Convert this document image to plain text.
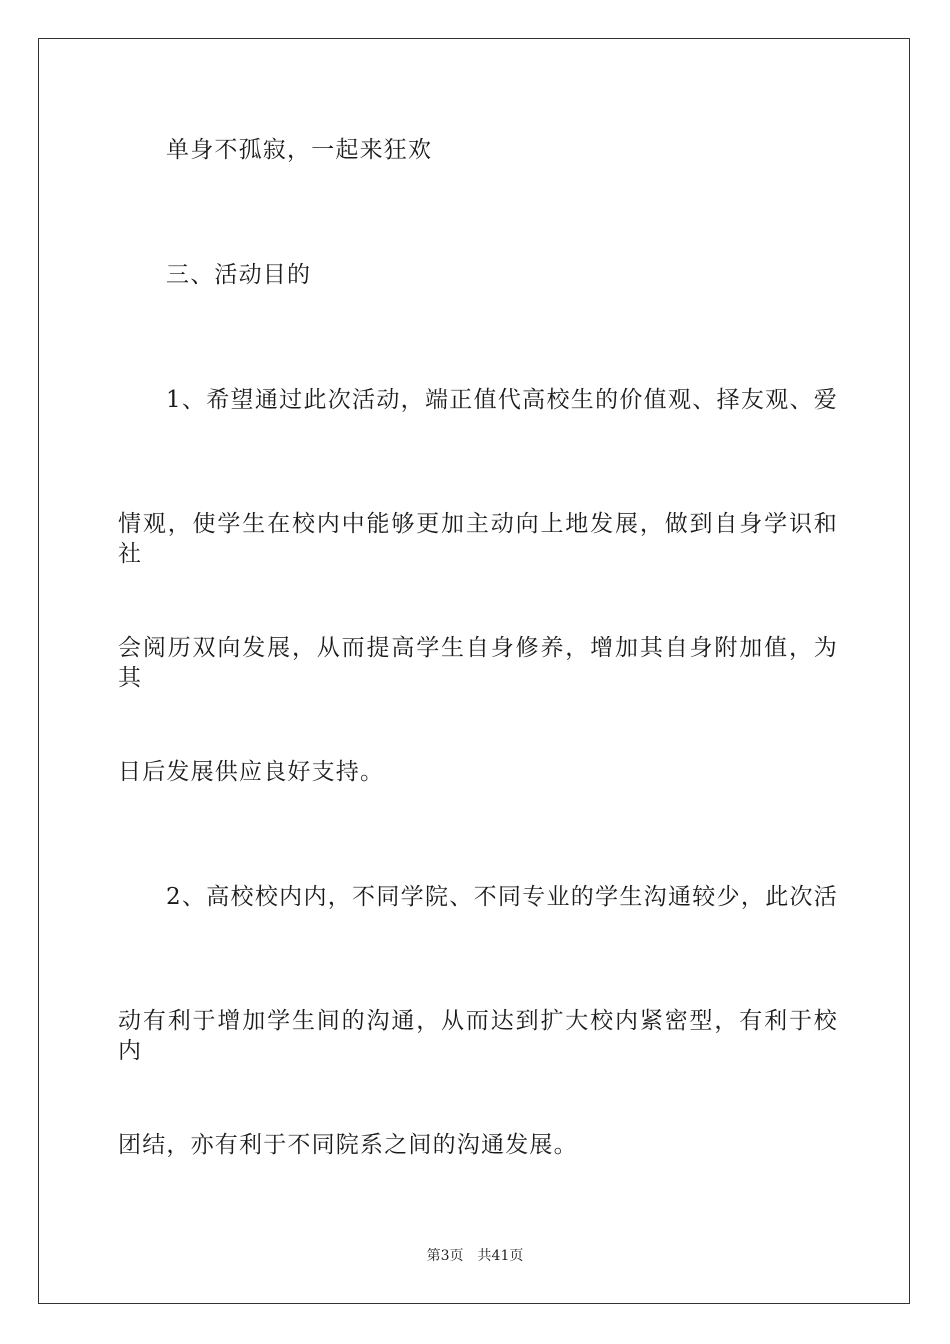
单身不孤寂，一起来狂欢
三、活动目的
1、希望通过此次活动，端正值代高校生的价值观、择友观、爱
情观，使学生在校内中能够更加主动向上地发展，做到自身学识和社
会阅历双向发展，从而提高学生自身修养，增加其自身附加值，为其
日后发展供应良好支持。
2、高校校内内，不同学院、不同专业的学生沟通较少，此次活
动有利于增加学生间的沟通，从而达到扩大校内紧密型，有利于校内
团结，亦有利于不同院系之间的沟通发展。
第3页 共41页
